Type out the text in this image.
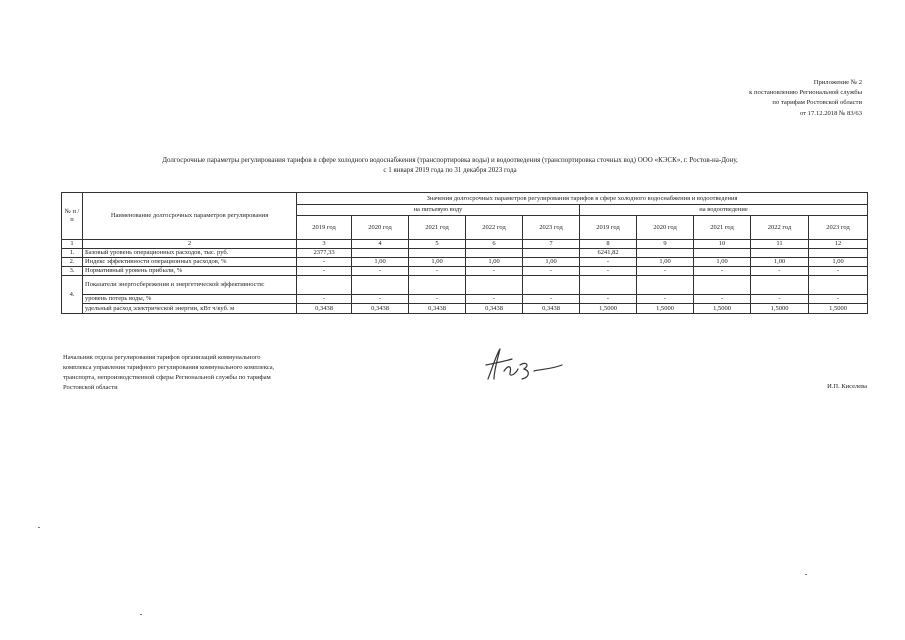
Приложение № 2
к постановлению Региональной службы
по тарифам Ростовской области
от 17.12.2018 № 83/63
Долгосрочные параметры регулирования тарифов в сфере холодного водоснабжения (транспортировка воды) и водоотведения (транспортировка сточных вод) ООО «КЭСК», г. Ростов-на-Дону,
с 1 января 2019 года по 31 декабря 2023 года
№ п /п	Наименование долгосрочных параметров регулирования	Значения долгосрочных параметров регулирования тарифов в сфере холодного водоснабжения и водоотведения									
		на питьевую воду					на водоотведение				
		2019 год	2020 год	2021 год	2022 год	2023 год	2019 год	2020 год	2021 год	2022 год	2023 год
1	2	3	4	5	6	7	8	9	10	11	12
1.	Базовый уровень операционных расходов, тыс. руб.	2377,33					6241,82				
2.	Индекс эффективности операционных расходов, %	-	1,00	1,00	1,00	1,00	-	1,00	1,00	1,00	1,00
3.	Нормативный уровень прибыли, %	-	-	-	-	-	-	-	-	-	-
4.	Показатели энергосбережения и энергетической эффективности:										
	уровень потерь воды, %	-	-	-	-	-	-	-	-	-	-
	удельный расход электрической энергии, кВт ч/куб. м	0,3438	0,3438	0,3438	0,3438	0,3438	1,5000	1,5000	1,5000	1,5000	1,5000
Начальник отдела регулирования тарифов организаций коммунального
комплекса управления тарифного регулирования коммунального комплекса,
транспорта, непроизводственной сферы Региональной службы по тарифам
Ростовской области	И.П. Киселева
